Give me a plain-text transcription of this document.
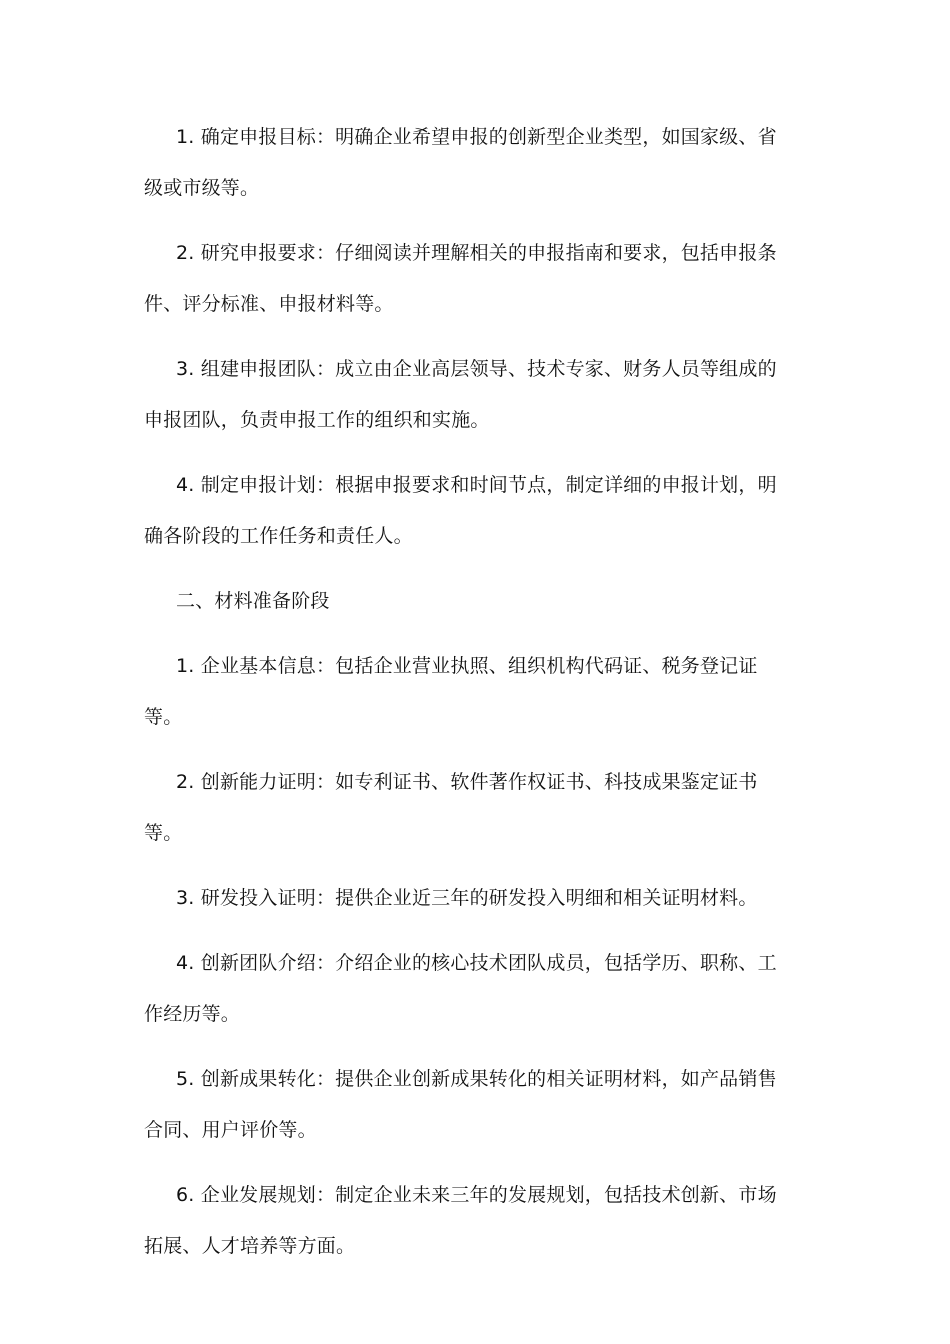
1. 确定申报目标：明确企业希望申报的创新型企业类型，如国家级、省级或市级等。

2. 研究申报要求：仔细阅读并理解相关的申报指南和要求，包括申报条件、评分标准、申报材料等。

3. 组建申报团队：成立由企业高层领导、技术专家、财务人员等组成的申报团队，负责申报工作的组织和实施。

4. 制定申报计划：根据申报要求和时间节点，制定详细的申报计划，明确各阶段的工作任务和责任人。

二、材料准备阶段

1. 企业基本信息：包括企业营业执照、组织机构代码证、税务登记证等。

2. 创新能力证明：如专利证书、软件著作权证书、科技成果鉴定证书等。

3. 研发投入证明：提供企业近三年的研发投入明细和相关证明材料。

4. 创新团队介绍：介绍企业的核心技术团队成员，包括学历、职称、工作经历等。

5. 创新成果转化：提供企业创新成果转化的相关证明材料，如产品销售合同、用户评价等。

6. 企业发展规划：制定企业未来三年的发展规划，包括技术创新、市场拓展、人才培养等方面。
